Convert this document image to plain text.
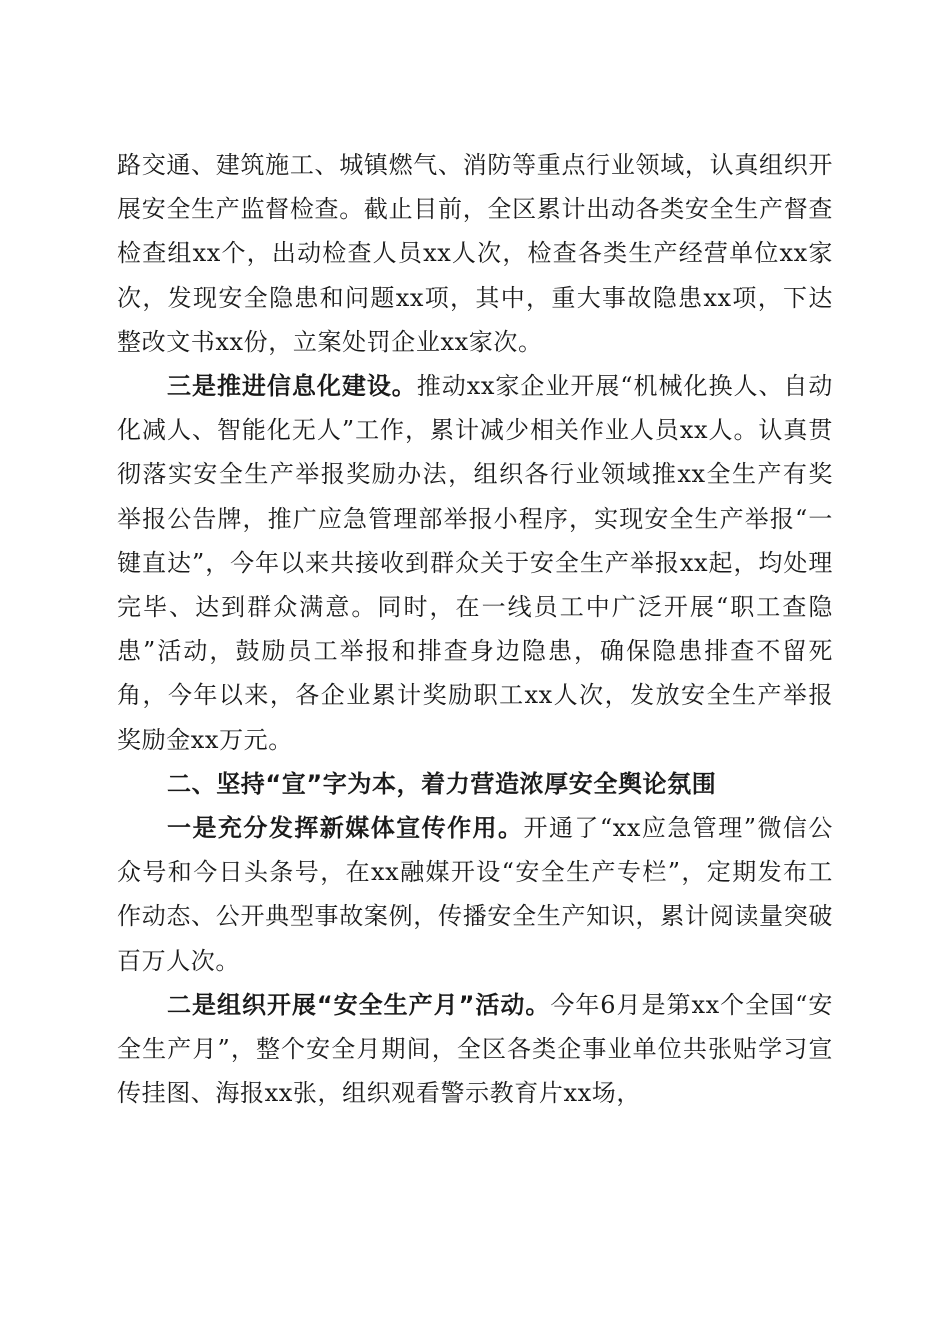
路交通、建筑施工、城镇燃气、消防等重点行业领域，认真组织开展安全生产监督检查。截止目前，全区累计出动各类安全生产督查检查组xx个，出动检查人员xx人次，检查各类生产经营单位xx家次，发现安全隐患和问题xx项，其中，重大事故隐患xx项，下达整改文书xx份，立案处罚企业xx家次。

三是推进信息化建设。推动xx家企业开展“机械化换人、自动化减人、智能化无人”工作，累计减少相关作业人员xx人。认真贯彻落实安全生产举报奖励办法，组织各行业领域推xx全生产有奖举报公告牌，推广应急管理部举报小程序，实现安全生产举报“一键直达”，今年以来共接收到群众关于安全生产举报xx起，均处理完毕、达到群众满意。同时，在一线员工中广泛开展“职工查隐患”活动，鼓励员工举报和排查身边隐患，确保隐患排查不留死角，今年以来，各企业累计奖励职工xx人次，发放安全生产举报奖励金xx万元。

二、坚持“宣”字为本，着力营造浓厚安全舆论氛围

一是充分发挥新媒体宣传作用。开通了“xx应急管理”微信公众号和今日头条号，在xx融媒开设“安全生产专栏”，定期发布工作动态、公开典型事故案例，传播安全生产知识，累计阅读量突破百万人次。

二是组织开展“安全生产月”活动。今年6月是第xx个全国“安全生产月”，整个安全月期间，全区各类企事业单位共张贴学习宣传挂图、海报xx张，组织观看警示教育片xx场，
